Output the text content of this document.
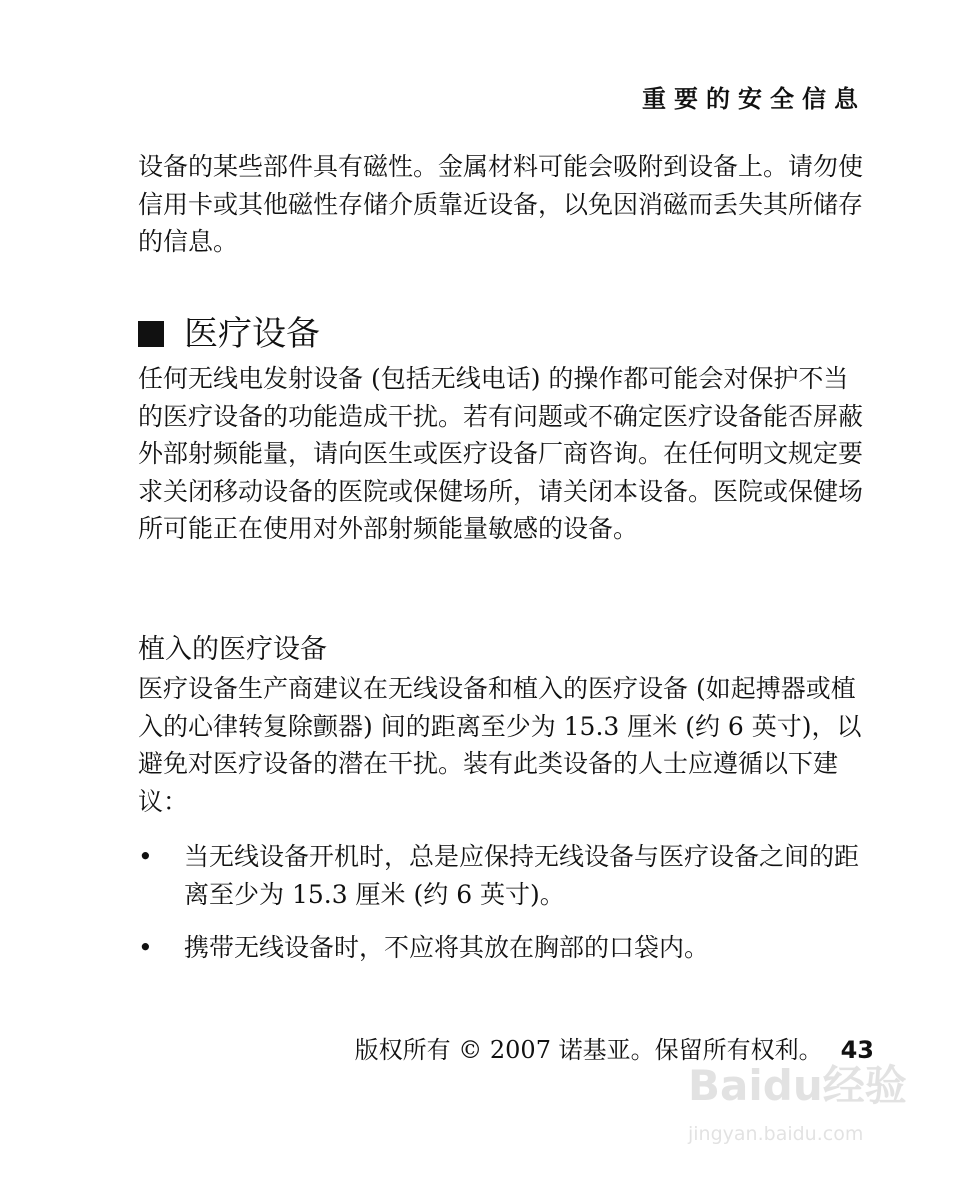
重要的安全信息

设备的某些部件具有磁性。金属材料可能会吸附到设备上。请勿使信用卡或其他磁性存储介质靠近设备，以免因消磁而丢失其所储存的信息。

医疗设备

任何无线电发射设备 (包括无线电话) 的操作都可能会对保护不当的医疗设备的功能造成干扰。若有问题或不确定医疗设备能否屏蔽外部射频能量，请向医生或医疗设备厂商咨询。在任何明文规定要求关闭移动设备的医院或保健场所，请关闭本设备。医院或保健场所可能正在使用对外部射频能量敏感的设备。

植入的医疗设备

医疗设备生产商建议在无线设备和植入的医疗设备 (如起搏器或植入的心律转复除颤器) 间的距离至少为 15.3 厘米 (约 6 英寸)，以避免对医疗设备的潜在干扰。装有此类设备的人士应遵循以下建议：

•	当无线设备开机时，总是应保持无线设备与医疗设备之间的距离至少为 15.3 厘米 (约 6 英寸)。
•	携带无线设备时，不应将其放在胸部的口袋内。
版权所有 © 2007 诺基亚。保留所有权利。 43
Baidu经验
jingyan.baidu.com
